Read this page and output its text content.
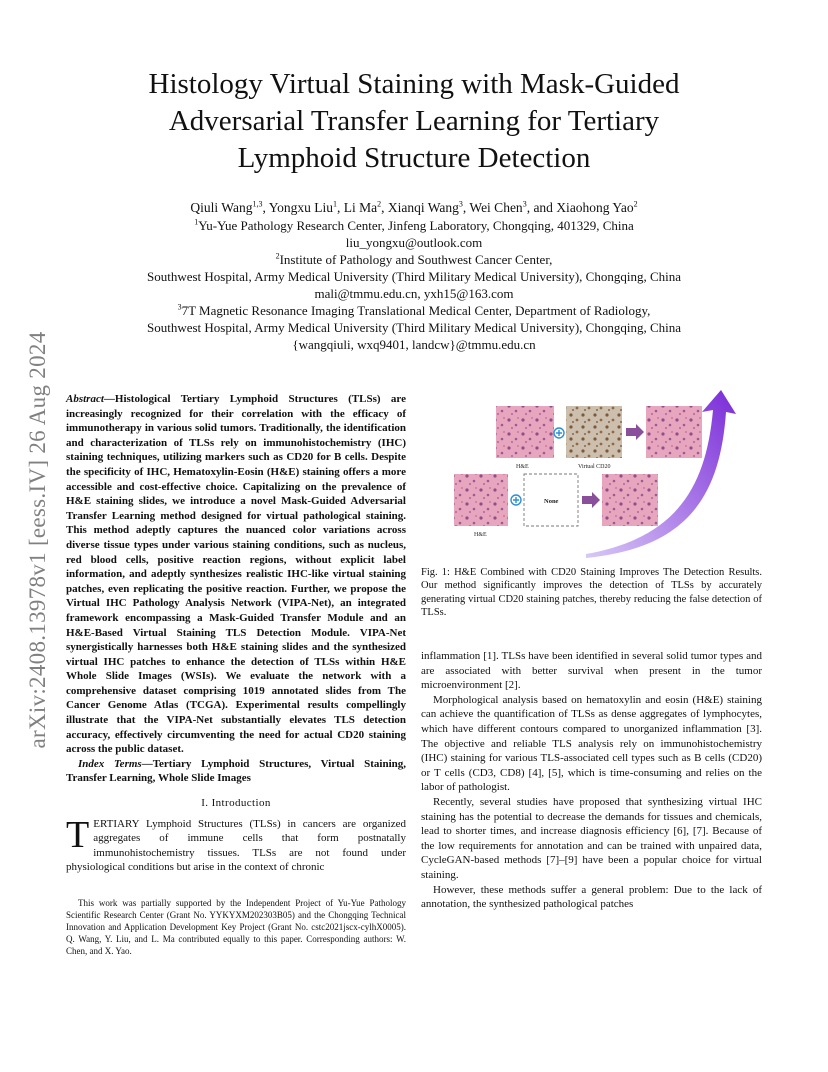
arXiv:2408.13978v1 [eess.IV] 26 Aug 2024
Histology Virtual Staining with Mask-Guided
Adversarial Transfer Learning for Tertiary
Lymphoid Structure Detection
Qiuli Wang$^{1,3}$, Yongxu Liu$^1$, Li Ma$^2$, Xianqi Wang$^3$, Wei Chen$^3$, and Xiaohong Yao$^2$
$^1$Yu-Yue Pathology Research Center, Jinfeng Laboratory, Chongqing, 401329, China
liu_yongxu@outlook.com
$^2$Institute of Pathology and Southwest Cancer Center,
Southwest Hospital, Army Medical University (Third Military Medical University), Chongqing, China
mali@tmmu.edu.cn, yxh15@163.com
$^3$7T Magnetic Resonance Imaging Translational Medical Center, Department of Radiology,
Southwest Hospital, Army Medical University (Third Military Medical University), Chongqing, China
{wangqiuli, wxq9401, landcw}@tmmu.edu.cn

Abstract—Histological Tertiary Lymphoid Structures (TLSs) are increasingly recognized for their correlation with the efficacy of immunotherapy in various solid tumors. Traditionally, the identification and characterization of TLSs rely on immunohistochemistry (IHC) staining techniques, utilizing markers such as CD20 for B cells. Despite the specificity of IHC, Hematoxylin-Eosin (H&E) staining offers a more accessible and cost-effective choice. Capitalizing on the prevalence of H&E staining slides, we introduce a novel Mask-Guided Adversarial Transfer Learning method designed for virtual pathological staining. This method adeptly captures the nuanced color variations across diverse tissue types under various staining conditions, such as nucleus, red blood cells, positive reaction regions, without explicit label information, and adeptly synthesizes realistic IHC-like virtual staining patches, even replicating the positive reaction. Further, we propose the Virtual IHC Pathology Analysis Network (VIPA-Net), an integrated framework encompassing a Mask-Guided Transfer Module and an H&E-Based Virtual Staining TLS Detection Module. VIPA-Net synergistically harnesses both H&E staining slides and the synthesized virtual IHC patches to enhance the detection of TLSs within H&E Whole Slide Images (WSIs). We evaluate the network with a comprehensive dataset comprising 1019 annotated slides from The Cancer Genome Atlas (TCGA). Experimental results compellingly illustrate that the VIPA-Net substantially elevates TLS detection accuracy, effectively circumventing the need for actual CD20 staining across the public dataset.

Index Terms—Tertiary Lymphoid Structures, Virtual Staining, Transfer Learning, Whole Slide Images

I. Introduction

TERTIARY Lymphoid Structures (TLSs) in cancers are organized aggregates of immune cells that form postnatally immunohistochemistry tissues. TLSs are not found under physiological conditions but arise in the context of chronic

This work was partially supported by the Independent Project of Yu-Yue Pathology Scientific Research Center (Grant No. YYKYXM202303B05) and the Chongqing Technical Innovation and Application Development Key Project (Grant No. cstc2021jscx-cylhX0005). Q. Wang, Y. Liu, and L. Ma contributed equally to this paper. Corresponding authors: W. Chen, and X. Yao.
H&E	Virtual CD20
None
H&E
Fig. 1: H&E Combined with CD20 Staining Improves The Detection Results. Our method significantly improves the detection of TLSs by accurately generating virtual CD20 staining patches, thereby reducing the false detection of TLSs.

inflammation [1]. TLSs have been identified in several solid tumor types and are associated with better survival when present in the tumor microenvironment [2].

Morphological analysis based on hematoxylin and eosin (H&E) staining can achieve the quantification of TLSs as dense aggregates of lymphocytes, which have different contours compared to unorganized inflammation [3]. The objective and reliable TLS analysis rely on immunohistochemistry (IHC) staining for various TLS-associated cell types such as B cells (CD20) or T cells (CD3, CD8) [4], [5], which is time-consuming and relies on the labor of pathologist.

Recently, several studies have proposed that synthesizing virtual IHC staining has the potential to decrease the demands for tissues and chemicals, lead to shorter times, and increase diagnosis efficiency [6], [7]. Because of the low requirements for annotation and can be trained with unpaired data, CycleGAN-based methods [7]–[9] have been a popular choice for virtual staining.

However, these methods suffer a general problem: Due to the lack of annotation, the synthesized pathological patches
